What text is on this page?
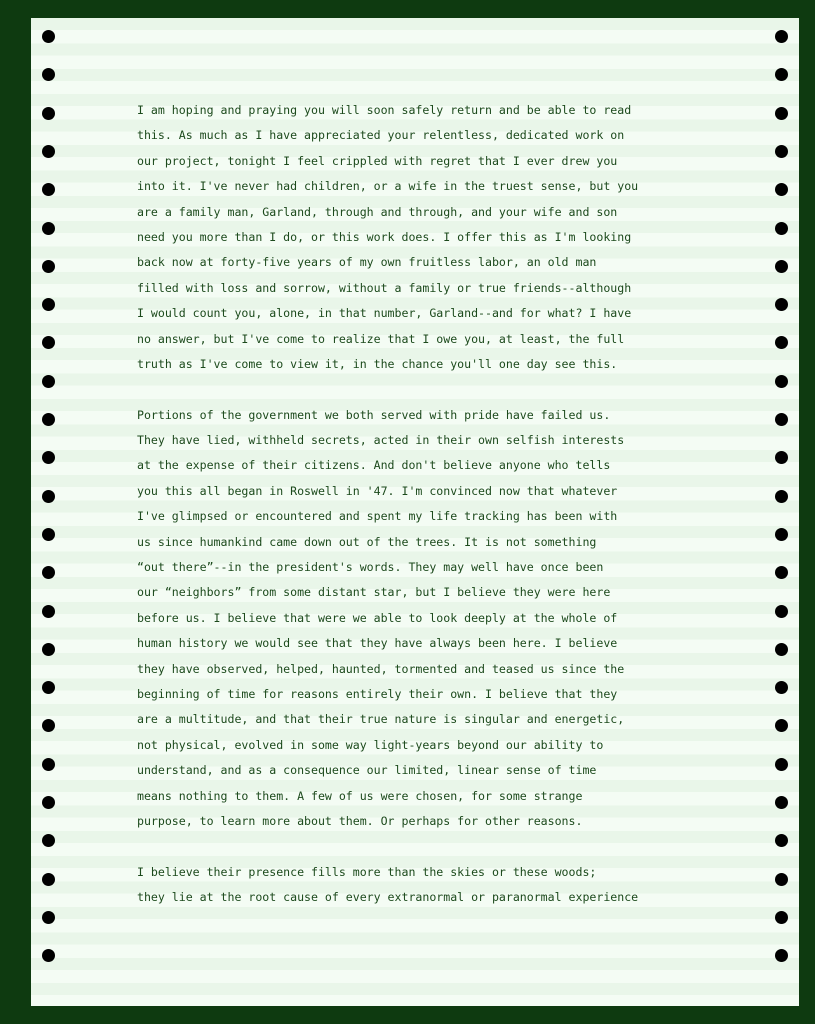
I am hoping and praying you will soon safely return and be able to read
this. As much as I have appreciated your relentless, dedicated work on
our project, tonight I feel crippled with regret that I ever drew you
into it. I've never had children, or a wife in the truest sense, but you
are a family man, Garland, through and through, and your wife and son
need you more than I do, or this work does. I offer this as I'm looking
back now at forty-five years of my own fruitless labor, an old man
filled with loss and sorrow, without a family or true friends--although
I would count you, alone, in that number, Garland--and for what? I have
no answer, but I've come to realize that I owe you, at least, the full
truth as I've come to view it, in the chance you'll one day see this.

Portions of the government we both served with pride have failed us.
They have lied, withheld secrets, acted in their own selfish interests
at the expense of their citizens. And don't believe anyone who tells
you this all began in Roswell in '47. I'm convinced now that whatever
I've glimpsed or encountered and spent my life tracking has been with
us since humankind came down out of the trees. It is not something
“out there”--in the president's words. They may well have once been
our “neighbors” from some distant star, but I believe they were here
before us. I believe that were we able to look deeply at the whole of
human history we would see that they have always been here. I believe
they have observed, helped, haunted, tormented and teased us since the
beginning of time for reasons entirely their own. I believe that they
are a multitude, and that their true nature is singular and energetic,
not physical, evolved in some way light-years beyond our ability to
understand, and as a consequence our limited, linear sense of time
means nothing to them. A few of us were chosen, for some strange
purpose, to learn more about them. Or perhaps for other reasons.

I believe their presence fills more than the skies or these woods;
they lie at the root cause of every extranormal or paranormal experience
